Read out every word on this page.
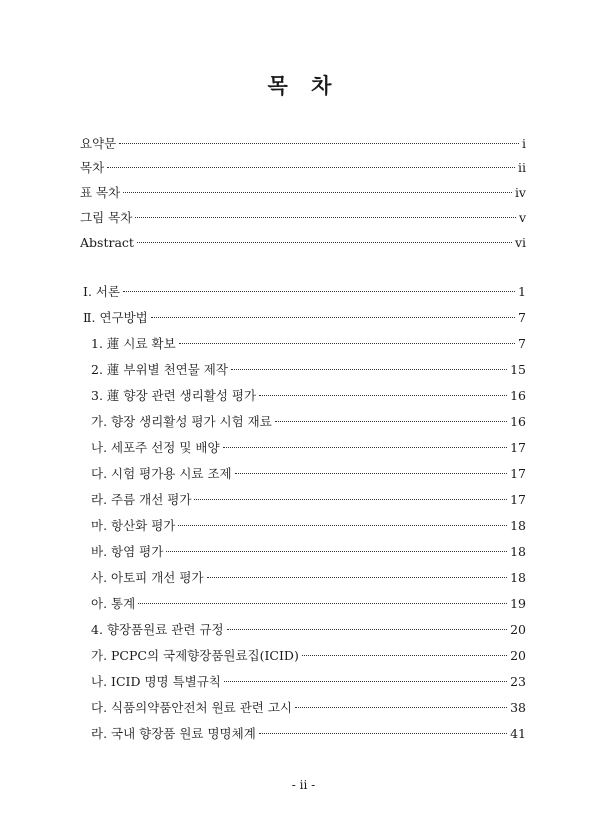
목 차
요약문	i
목차	ii
표 목차	iv
그림 목차	v
Abstract	vi
Ⅰ. 서론	1
Ⅱ. 연구방법	7
1. 蓮 시료 확보	7
2. 蓮 부위별 천연물 제작	15
3. 蓮 향장 관련 생리활성 평가	16
가. 향장 생리활성 평가 시험 재료	16
나. 세포주 선정 및 배양	17
다. 시험 평가용 시료 조제	17
라. 주름 개선 평가	17
마. 항산화 평가	18
바. 항염 평가	18
사. 아토피 개선 평가	18
아. 통계	19
4. 향장품원료 관련 규정	20
가. PCPC의 국제향장품원료집(ICID)	20
나. ICID 명명 특별규칙	23
다. 식품의약품안전처 원료 관련 고시	38
라. 국내 향장품 원료 명명체계	41
- ii -
